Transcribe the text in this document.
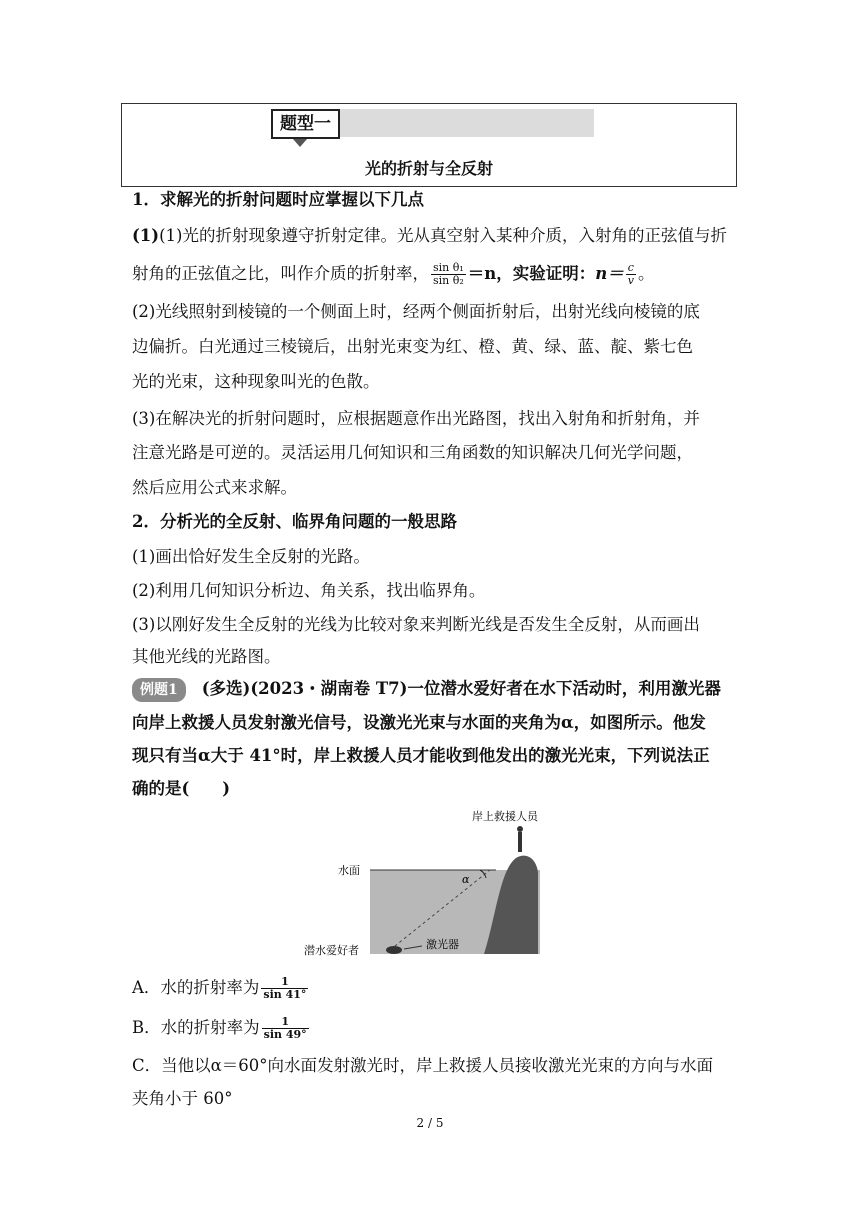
题型一
光的折射与全反射
1．求解光的折射问题时应掌握以下几点
(1)(1)光的折射现象遵守折射定律。光从真空射入某种介质，入射角的正弦值与折
射角的正弦值之比，叫作介质的折射率， $\frac{\text{sin θ₁}}{\text{sin θ₂}} =n$，实验证明：$n= \frac{c}{v}$ 。
(2)光线照射到棱镜的一个侧面上时，经两个侧面折射后，出射光线向棱镜的底
边偏折。白光通过三棱镜后，出射光束变为红、橙、黄、绿、蓝、靛、紫七色
光的光束，这种现象叫光的色散。
(3)在解决光的折射问题时，应根据题意作出光路图，找出入射角和折射角，并
注意光路是可逆的。灵活运用几何知识和三角函数的知识解决几何光学问题，
然后应用公式来求解。
2．分析光的全反射、临界角问题的一般思路
(1)画出恰好发生全反射的光路。
(2)利用几何知识分析边、角关系，找出临界角。
(3)以刚好发生全反射的光线为比较对象来判断光线是否发生全反射，从而画出
其他光线的光路图。
例题1 (多选)(2023・湖南卷 T7)一位潜水爱好者在水下活动时，利用激光器
向岸上救援人员发射激光信号，设激光光束与水面的夹角为α，如图所示。他发
现只有当α大于 41°时，岸上救援人员才能收到他发出的激光光束，下列说法正
确的是(　　)
α
岸上救援人员
水面
潜水爱好者	激光器
A．水的折射率为 $\frac{1}{\sin 41^\circ}$
B．水的折射率为 $\frac{1}{\sin 49^\circ}$
C．当他以α＝60°向水面发射激光时，岸上救援人员接收激光光束的方向与水面
夹角小于 60°
2 / 5
